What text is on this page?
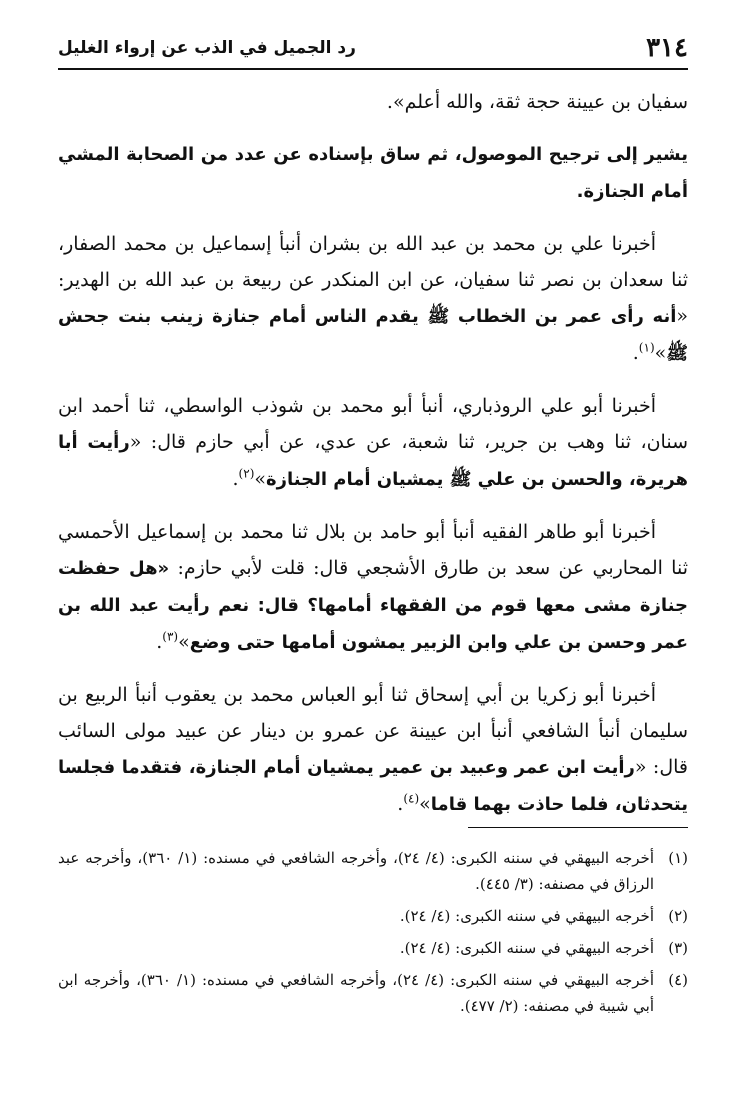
٣١٤
رد الجميل في الذب عن إرواء الغليل

سفيان بن عيينة حجة ثقة، والله أعلم».

يشير إلى ترجيح الموصول، ثم ساق بإسناده عن عدد من الصحابة المشي أمام الجنازة.

أخبرنا علي بن محمد بن عبد الله بن بشران أنبأ إسماعيل بن محمد الصفار، ثنا سعدان بن نصر ثنا سفيان، عن ابن المنكدر عن ربيعة بن عبد الله بن الهدير: «أنه رأى عمر بن الخطاب ﷺ يقدم الناس أمام جنازة زينب بنت جحش ﷺ»$^{(١)}$.

أخبرنا أبو علي الروذباري، أنبأ أبو محمد بن شوذب الواسطي، ثنا أحمد ابن سنان، ثنا وهب بن جرير، ثنا شعبة، عن عدي، عن أبي حازم قال: «رأيت أبا هريرة، والحسن بن علي ﷺ يمشيان أمام الجنازة»$^{(٢)}$.

أخبرنا أبو طاهر الفقيه أنبأ أبو حامد بن بلال ثنا محمد بن إسماعيل الأحمسي ثنا المحاربي عن سعد بن طارق الأشجعي قال: قلت لأبي حازم: «هل حفظت جنازة مشى معها قوم من الفقهاء أمامها؟ قال: نعم رأيت عبد الله بن عمر وحسن بن علي وابن الزبير يمشون أمامها حتى وضع»$^{(٣)}$.

أخبرنا أبو زكريا بن أبي إسحاق ثنا أبو العباس محمد بن يعقوب أنبأ الربيع بن سليمان أنبأ الشافعي أنبأ ابن عيينة عن عمرو بن دينار عن عبيد مولى السائب قال: «رأيت ابن عمر وعبيد بن عمير يمشيان أمام الجنازة، فتقدما فجلسا يتحدثان، فلما حاذت بهما قاما»$^{(٤)}$.

(١)
أخرجه البيهقي في سننه الكبرى: (٤/ ٢٤)، وأخرجه الشافعي في مسنده: (١/ ٣٦٠)، وأخرجه عبد الرزاق في مصنفه: (٣/ ٤٤٥).
(٢)
أخرجه البيهقي في سننه الكبرى: (٤/ ٢٤).
(٣)
أخرجه البيهقي في سننه الكبرى: (٤/ ٢٤).
(٤)
أخرجه البيهقي في سننه الكبرى: (٤/ ٢٤)، وأخرجه الشافعي في مسنده: (١/ ٣٦٠)، وأخرجه ابن أبي شيبة في مصنفه: (٢/ ٤٧٧).
